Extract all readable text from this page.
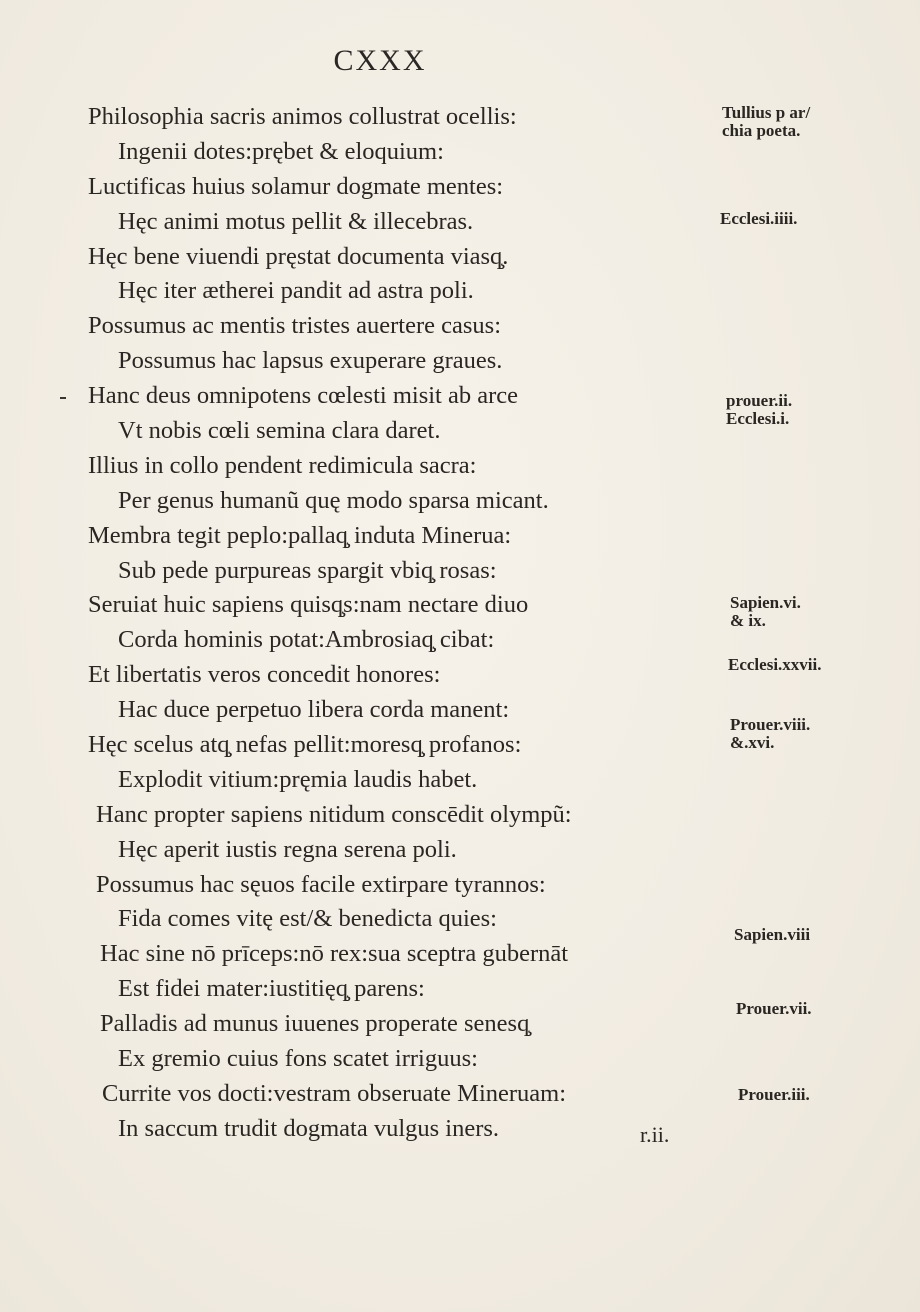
CXXX
Philosophia sacris animos collustrat ocellis:
Ingenii dotes:prębet & eloquium:
Luctificas huius solamur dogmate mentes:
Hęc animi motus pellit & illecebras.
Hęc bene viuendi pręstat documenta viasq̧.
Hęc iter ætherei pandit ad astra poli.
Possumus ac mentis tristes auertere casus:
Possumus hac lapsus exuperare graues.
Hanc deus omnipotens cœlesti misit ab arce
Vt nobis cœli semina clara daret.
Illius in collo pendent redimicula sacra:
Per genus humanũ quę modo sparsa micant.
Membra tegit peplo:pallaq̧ induta Minerua:
Sub pede purpureas spargit vbiq̧ rosas:
Seruiat huic sapiens quisq̧s:nam nectare diuo
Corda hominis potat:Ambrosiaq̧ cibat:
Et libertatis veros concedit honores:
Hac duce perpetuo libera corda manent:
Hęc scelus atq̧ nefas pellit:moresq̧ profanos:
Explodit vitium:pręmia laudis habet.
Hanc propter sapiens nitidum conscēdit olympũ:
Hęc aperit iustis regna serena poli.
Possumus hac sęuos facile extirpare tyrannos:
Fida comes vitę est/& benedicta quies:
Hac sine nō prīceps:nō rex:sua sceptra gubernāt
Est fidei mater:iustitięq̧ parens:
Palladis ad munus iuuenes properate senesq̧
Ex gremio cuius fons scatet irriguus:
Currite vos docti:vestram obseruate Mineruam:
In saccum trudit dogmata vulgus iners.
Tullius p ar/
chia poeta.
Ecclesi.iiii.
prouer.ii.
Ecclesi.i.
Sapien.vi.
& ix.
Ecclesi.xxvii.
Prouer.viii.
&.xvi.
Sapien.viii
Prouer.vii.
Prouer.iii.
r.ii.
